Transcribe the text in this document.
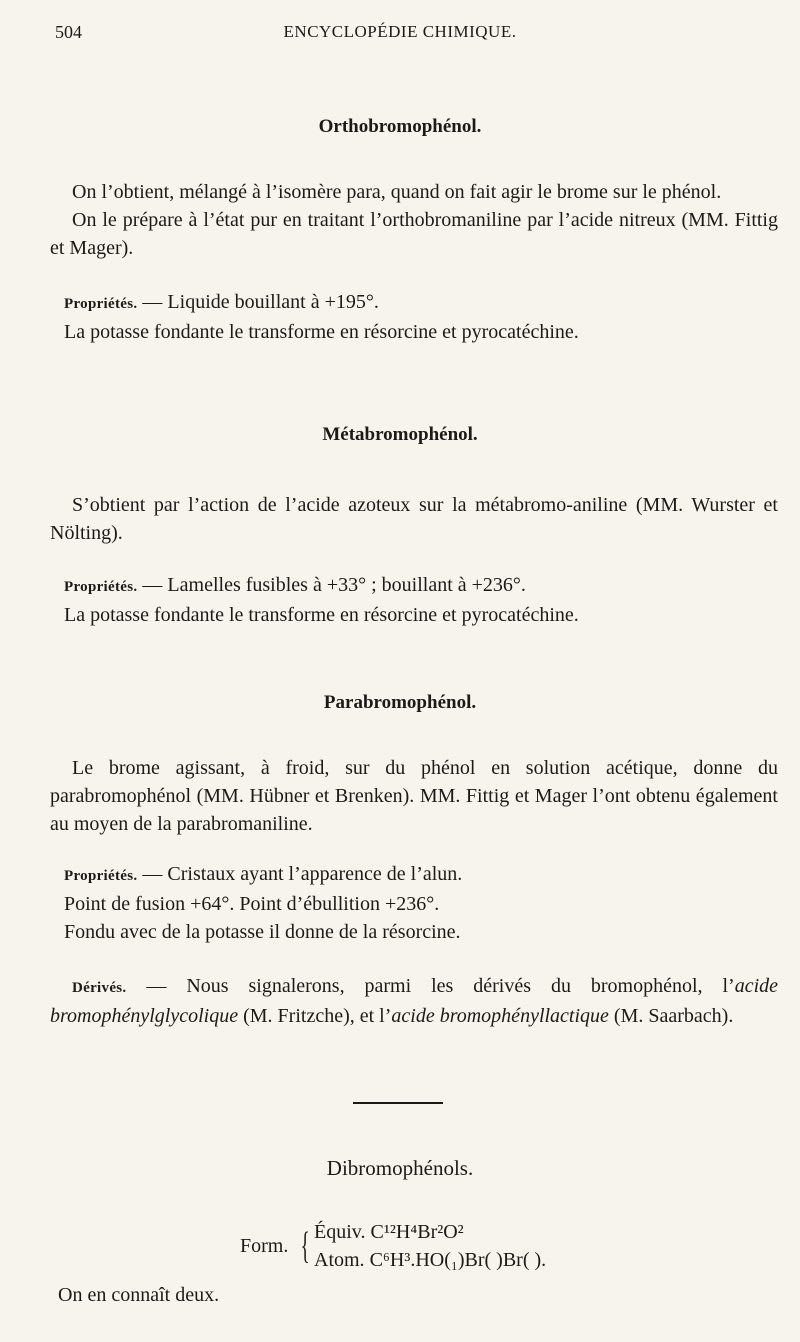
504	ENCYCLOPÉDIE CHIMIQUE.
Orthobromophénol.

On l’obtient, mélangé à l’isomère para, quand on fait agir le brome sur le phénol.

On le prépare à l’état pur en traitant l’orthobromaniline par l’acide nitreux (MM. Fittig et Mager).

Propriétés. — Liquide bouillant à +195°.

La potasse fondante le transforme en résorcine et pyrocatéchine.

Métabromophénol.

S’obtient par l’action de l’acide azoteux sur la métabromo-aniline (MM. Wurster et Nölting).

Propriétés. — Lamelles fusibles à +33° ; bouillant à +236°.

La potasse fondante le transforme en résorcine et pyrocatéchine.

Parabromophénol.

Le brome agissant, à froid, sur du phénol en solution acétique, donne du parabromophénol (MM. Hübner et Brenken). MM. Fittig et Mager l’ont obtenu également au moyen de la parabromaniline.

Propriétés. — Cristaux ayant l’apparence de l’alun.

Point de fusion +64°. Point d’ébullition +236°.

Fondu avec de la potasse il donne de la résorcine.

Dérivés. — Nous signalerons, parmi les dérivés du bromophénol, l’acide bromophénylglycolique (M. Fritzche), et l’acide bromophényllactique (M. Saarbach).

Dibromophénols.
Form. { Équiv. C¹²H⁴Br²O²
Atom. C⁶H³.HO(₁)Br( )Br( ).

On en connaît deux.
